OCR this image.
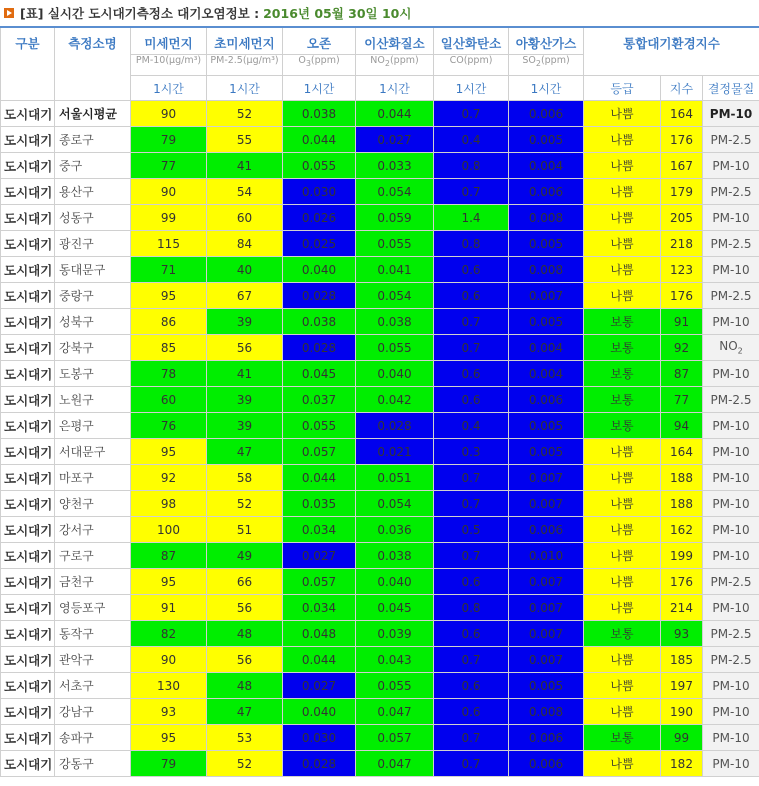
[표] 실시간 도시대기측정소 대기오염정보 : 2016년 05월 30일 10시
구분	측정소명	미세먼지	초미세먼지	오존	이산화질소	일산화탄소	아황산가스	통합대기환경지수		
		PM-10(μg/m³)	PM-2.5(μg/m³)	$O_3(ppm)$	$NO_2(ppm)$	CO(ppm)	$SO_2(ppm)$			
		1시간	1시간	1시간	1시간	1시간	1시간	등급	지수	결정물질
도시대기	서울시평균	90	52	0.038	0.044	0.7	0.006	나쁨	164	PM-10
도시대기	종로구	79	55	0.044	0.027	0.4	0.005	나쁨	176	PM-2.5
도시대기	중구	77	41	0.055	0.033	0.8	0.004	나쁨	167	PM-10
도시대기	용산구	90	54	0.030	0.054	0.7	0.006	나쁨	179	PM-2.5
도시대기	성동구	99	60	0.026	0.059	1.4	0.008	나쁨	205	PM-10
도시대기	광진구	115	84	0.025	0.055	0.8	0.005	나쁨	218	PM-2.5
도시대기	동대문구	71	40	0.040	0.041	0.6	0.008	나쁨	123	PM-10
도시대기	중랑구	95	67	0.028	0.054	0.6	0.007	나쁨	176	PM-2.5
도시대기	성북구	86	39	0.038	0.038	0.7	0.005	보통	91	PM-10
도시대기	강북구	85	56	0.028	0.055	0.7	0.004	보통	92	$NO_2$
도시대기	도봉구	78	41	0.045	0.040	0.6	0.004	보통	87	PM-10
도시대기	노원구	60	39	0.037	0.042	0.6	0.006	보통	77	PM-2.5
도시대기	은평구	76	39	0.055	0.028	0.4	0.005	보통	94	PM-10
도시대기	서대문구	95	47	0.057	0.021	0.3	0.005	나쁨	164	PM-10
도시대기	마포구	92	58	0.044	0.051	0.7	0.007	나쁨	188	PM-10
도시대기	양천구	98	52	0.035	0.054	0.7	0.007	나쁨	188	PM-10
도시대기	강서구	100	51	0.034	0.036	0.5	0.006	나쁨	162	PM-10
도시대기	구로구	87	49	0.027	0.038	0.7	0.010	나쁨	199	PM-10
도시대기	금천구	95	66	0.057	0.040	0.6	0.007	나쁨	176	PM-2.5
도시대기	영등포구	91	56	0.034	0.045	0.8	0.007	나쁨	214	PM-10
도시대기	동작구	82	48	0.048	0.039	0.6	0.007	보통	93	PM-2.5
도시대기	관악구	90	56	0.044	0.043	0.7	0.007	나쁨	185	PM-2.5
도시대기	서초구	130	48	0.027	0.055	0.6	0.005	나쁨	197	PM-10
도시대기	강남구	93	47	0.040	0.047	0.6	0.008	나쁨	190	PM-10
도시대기	송파구	95	53	0.030	0.057	0.7	0.006	보통	99	PM-10
도시대기	강동구	79	52	0.028	0.047	0.7	0.006	나쁨	182	PM-10
